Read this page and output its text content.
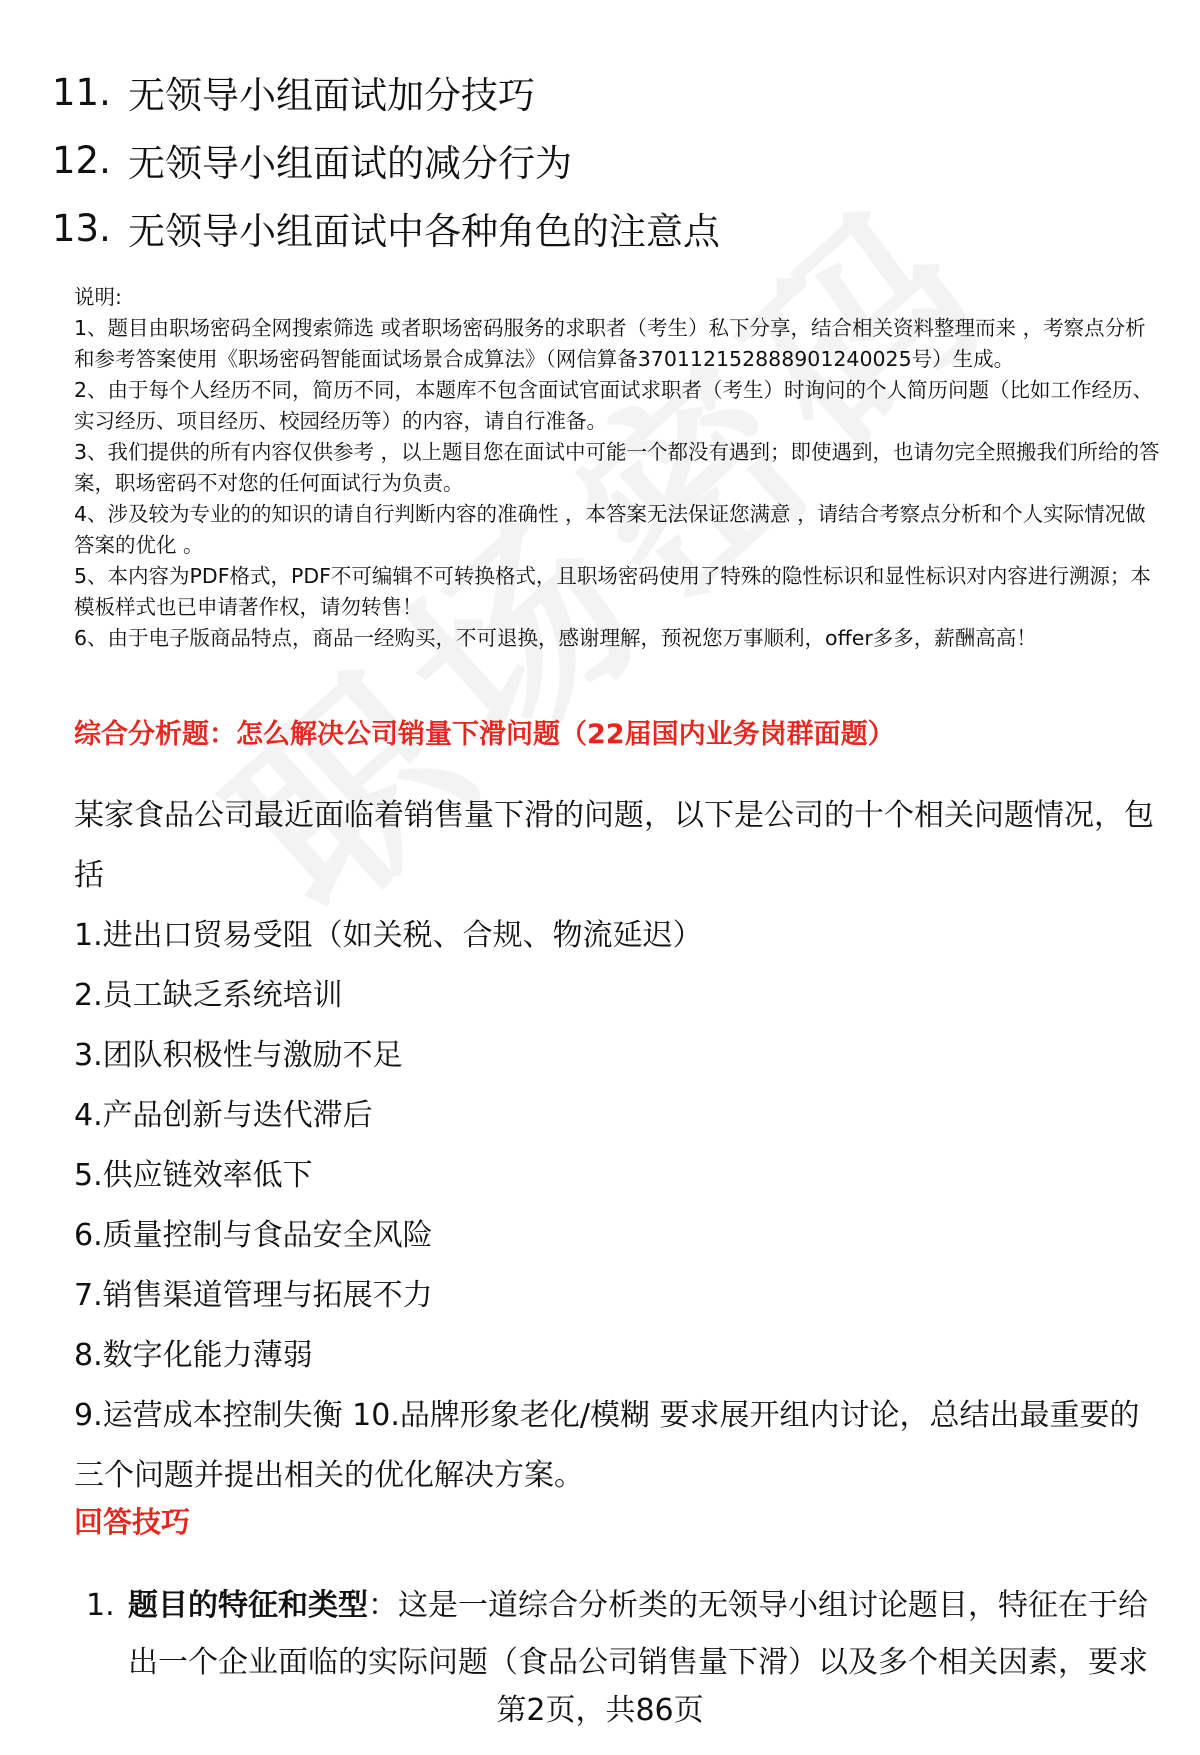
11. 无领导小组面试加分技巧
12. 无领导小组面试的减分行为
13. 无领导小组面试中各种角色的注意点

说明:

1、题目由职场密码全网搜索筛选 或者职场密码服务的求职者（考生）私下分享，结合相关资料整理而来 ，考察点分析和参考答案使用《职场密码智能面试场景合成算法》（网信算备370112152888901240025号）生成。

2、由于每个人经历不同，简历不同，本题库不包含面试官面试求职者（考生）时询问的个人简历问题（比如工作经历、实习经历、项目经历、校园经历等）的内容，请自行准备。

3、我们提供的所有内容仅供参考 ，以上题目您在面试中可能一个都没有遇到；即使遇到，也请勿完全照搬我们所给的答案，职场密码不对您的任何面试行为负责。

4、涉及较为专业的的知识的请自行判断内容的准确性 ，本答案无法保证您满意 ，请结合考察点分析和个人实际情况做答案的优化 。

5、本内容为PDF格式，PDF不可编辑不可转换格式，且职场密码使用了特殊的隐性标识和显性标识对内容进行溯源；本模板样式也已申请著作权，请勿转售！

6、由于电子版商品特点，商品一经购买，不可退换，感谢理解，预祝您万事顺利，offer多多，薪酬高高！

综合分析题：怎么解决公司销量下滑问题（22届国内业务岗群面题）

某家食品公司最近面临着销售量下滑的问题，以下是公司的十个相关问题情况，包括

1.进出口贸易受阻（如关税、合规、物流延迟）

2.员工缺乏系统培训

3.团队积极性与激励不足

4.产品创新与迭代滞后

5.供应链效率低下

6.质量控制与食品安全风险

7.销售渠道管理与拓展不力

8.数字化能力薄弱

9.运营成本控制失衡 10.品牌形象老化/模糊 要求展开组内讨论，总结出最重要的三个问题并提出相关的优化解决方案。

回答技巧
1. 题目的特征和类型：这是一道综合分析类的无领导小组讨论题目，特征在于给出一个企业面临的实际问题（食品公司销售量下滑）以及多个相关因素，要求
第2页，共86页
